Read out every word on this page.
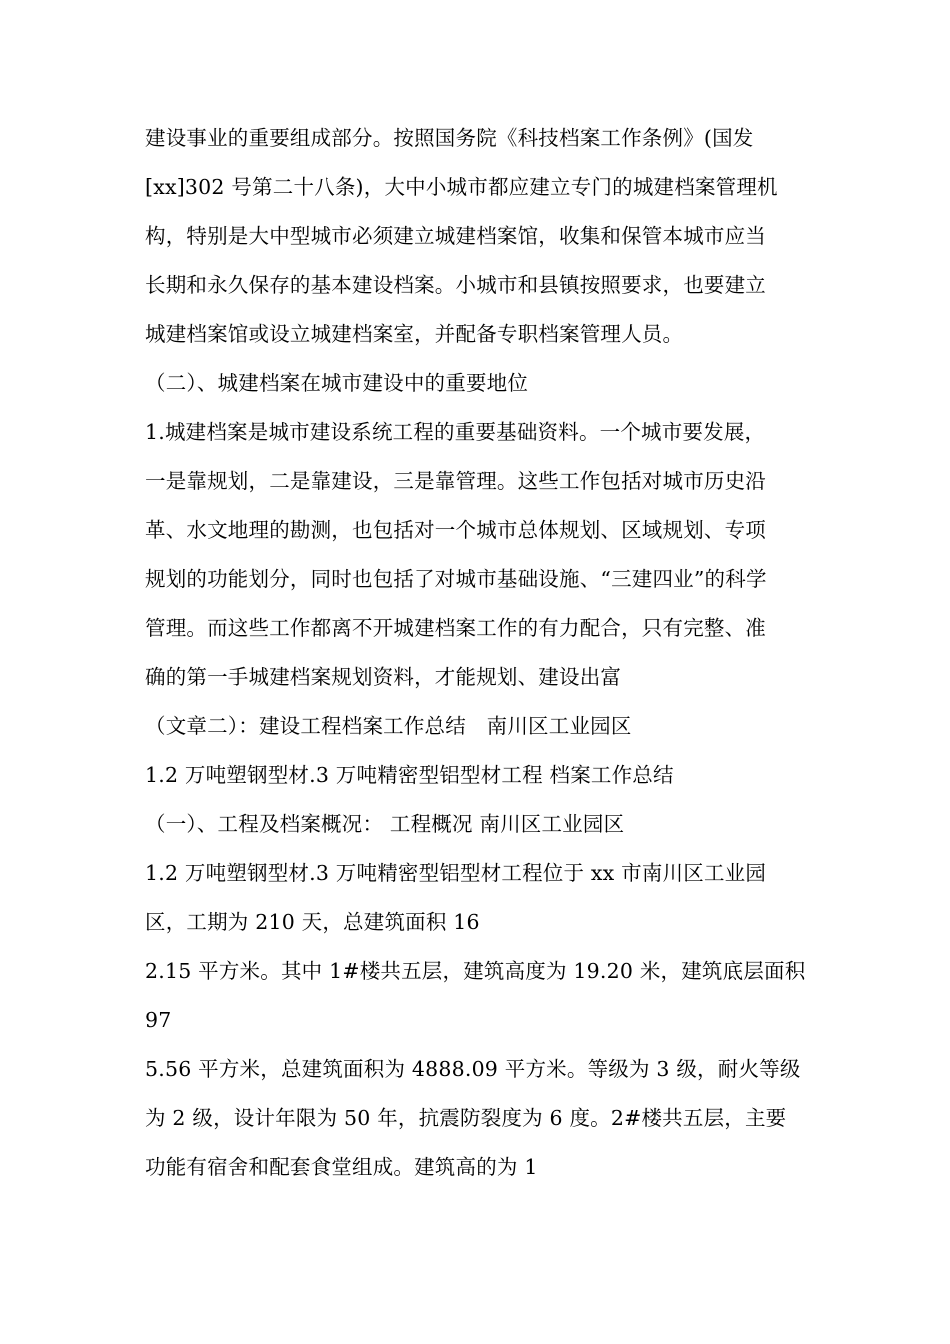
建设事业的重要组成部分。按照国务院《科技档案工作条例》(国发
[xx]302 号第二十八条)，大中小城市都应建立专门的城建档案管理机
构，特别是大中型城市必须建立城建档案馆，收集和保管本城市应当
长期和永久保存的基本建设档案。小城市和县镇按照要求，也要建立
城建档案馆或设立城建档案室，并配备专职档案管理人员。
（二）、城建档案在城市建设中的重要地位
1.城建档案是城市建设系统工程的重要基础资料。一个城市要发展，
一是靠规划，二是靠建设，三是靠管理。这些工作包括对城市历史沿
革、水文地理的勘测，也包括对一个城市总体规划、区域规划、专项
规划的功能划分，同时也包括了对城市基础设施、“三建四业”的科学
管理。而这些工作都离不开城建档案工作的有力配合，只有完整、准
确的第一手城建档案规划资料，才能规划、建设出富
（文章二）：建设工程档案工作总结　南川区工业园区
1.2 万吨塑钢型材.3 万吨精密型铝型材工程 档案工作总结
（一）、工程及档案概况： 工程概况 南川区工业园区
1.2 万吨塑钢型材.3 万吨精密型铝型材工程位于 xx 市南川区工业园
区，工期为 210 天，总建筑面积 16
2.15 平方米。其中 1#楼共五层，建筑高度为 19.20 米，建筑底层面积
97
5.56 平方米，总建筑面积为 4888.09 平方米。等级为 3 级，耐火等级
为 2 级，设计年限为 50 年，抗震防裂度为 6 度。2#楼共五层，主要
功能有宿舍和配套食堂组成。建筑高的为 1
